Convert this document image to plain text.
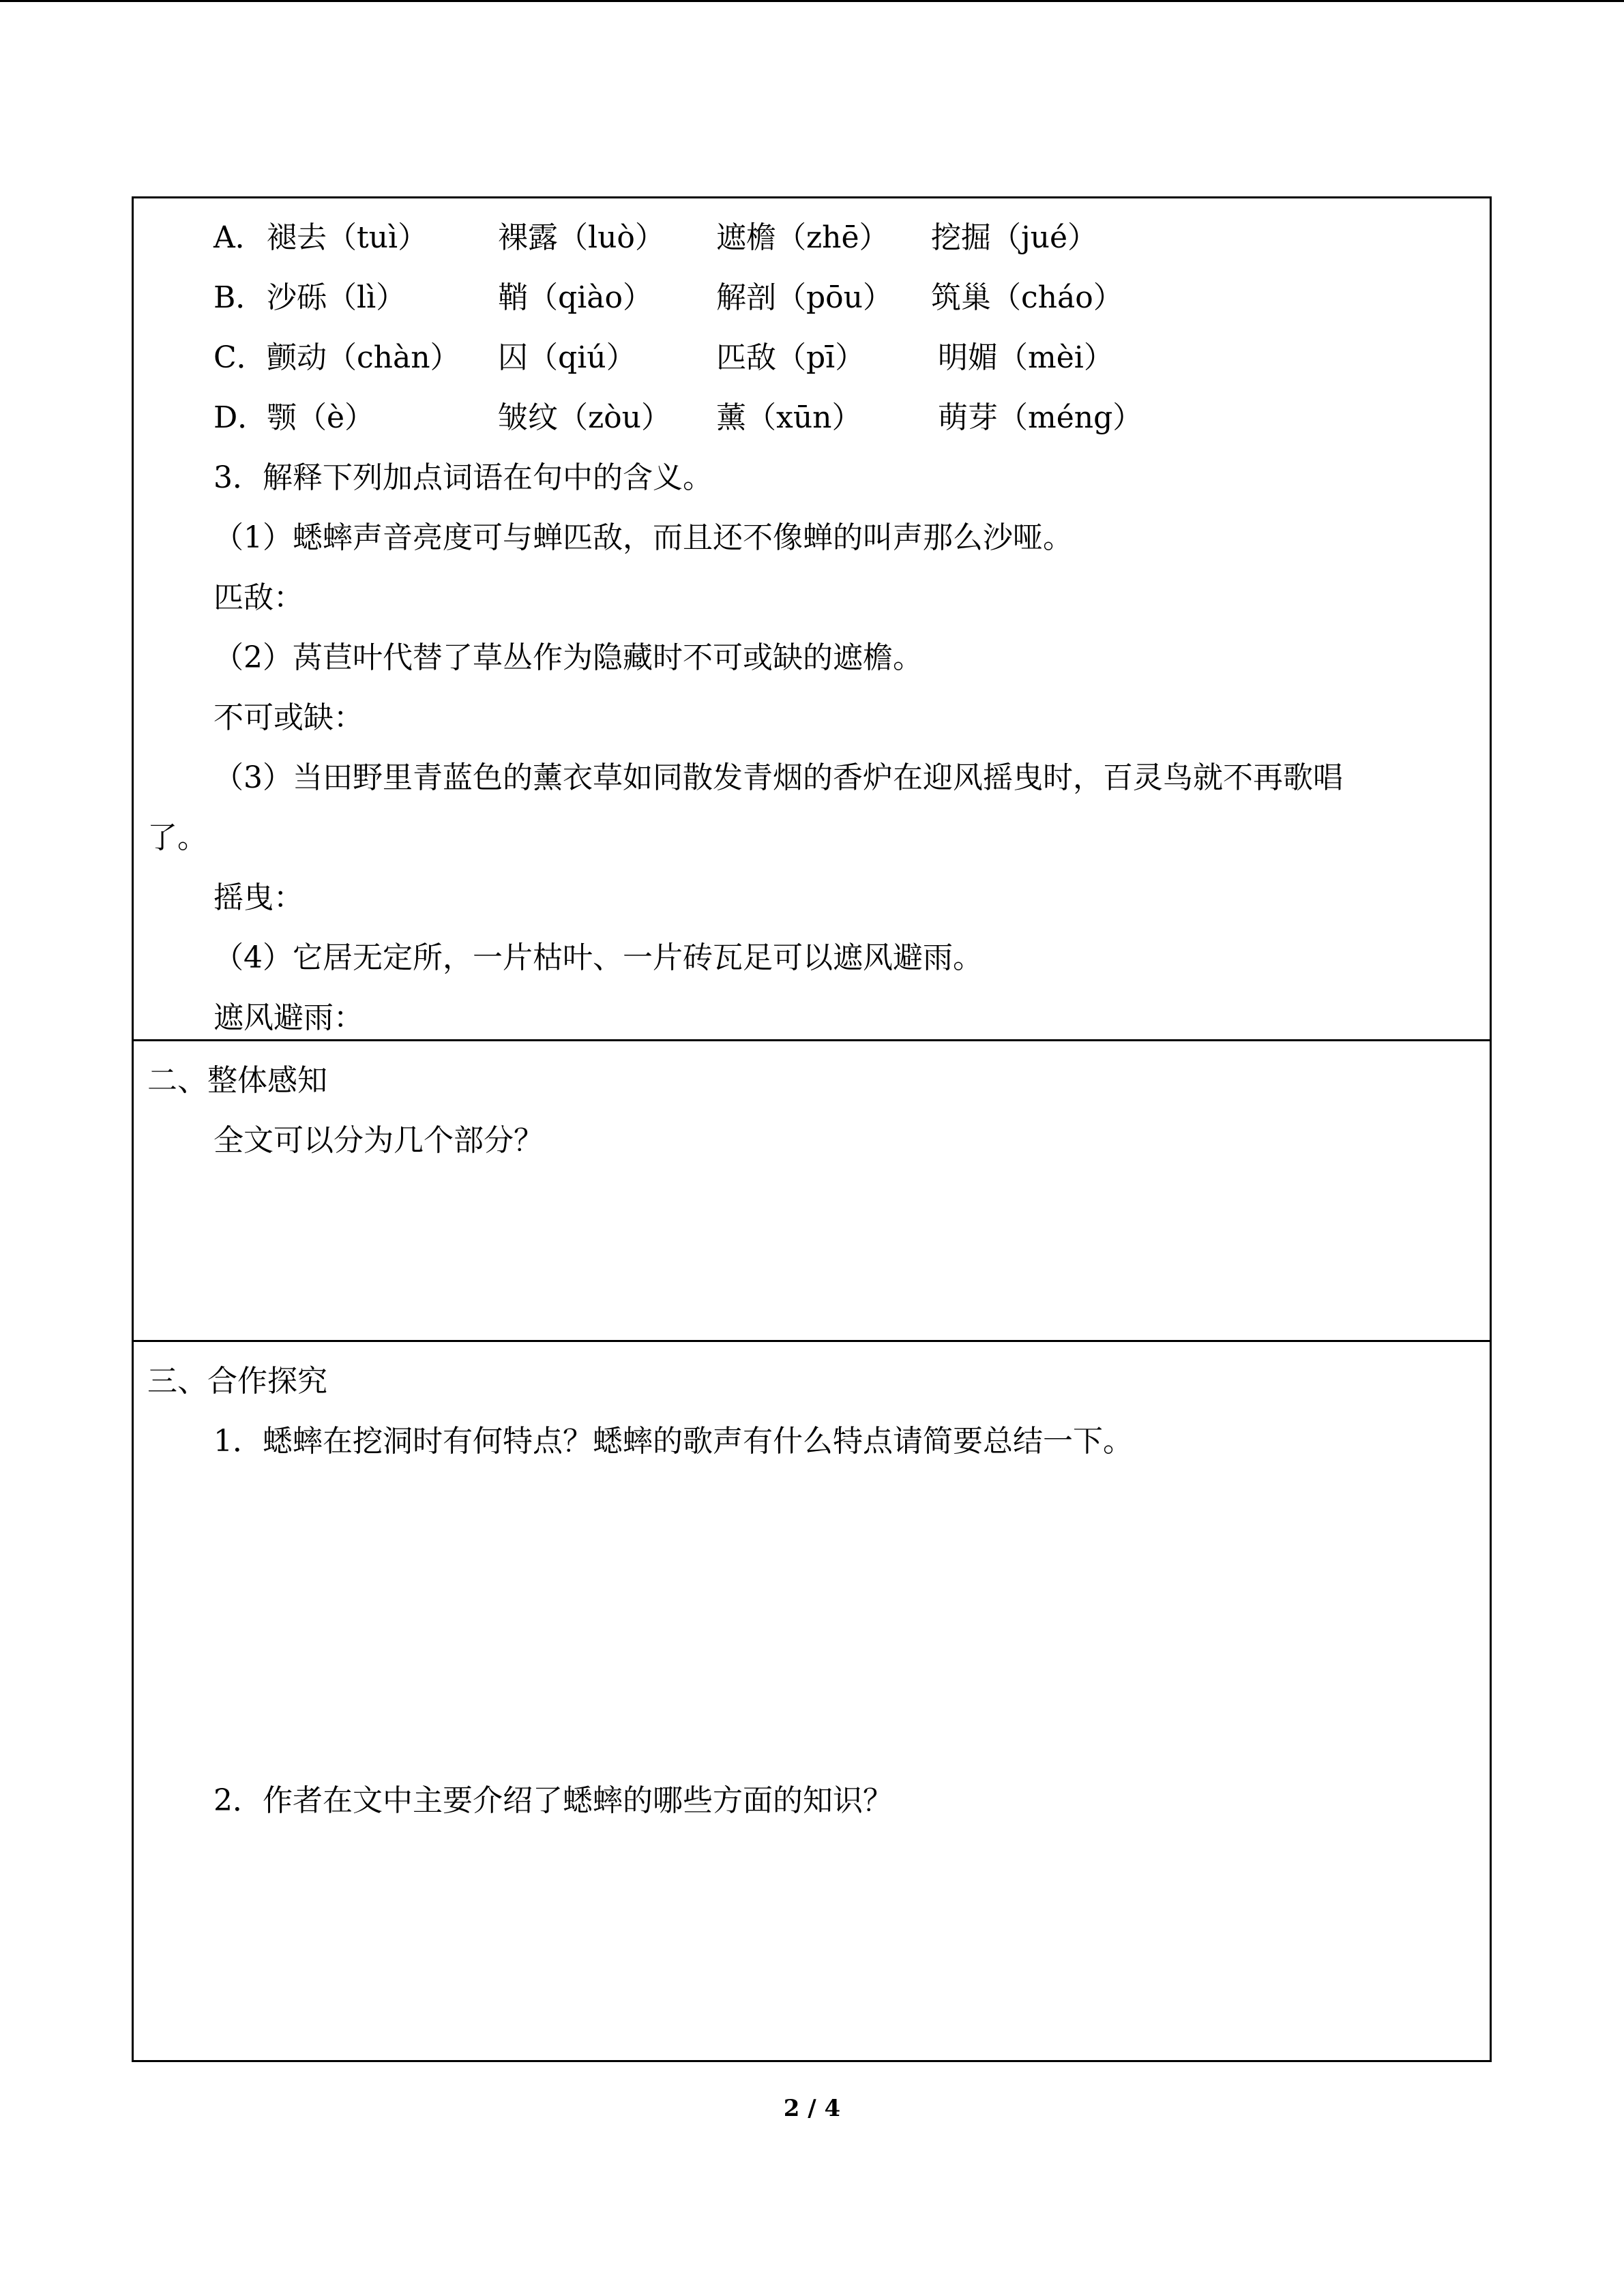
A． 褪去（tuì） 裸露（luò） 遮檐（zhē） 挖掘（jué）
B． 沙砾（lì）	鞘（qiào） 解剖（pōu） 筑巢（cháo）
C． 颤动（chàn） 囚（qiú）	匹敌（pī） 明媚（mèi）
D．
颚（è）	皱纹（zòu） 薰（xūn）	萌芽（méng）
3．解释下列加点词语在句中的含义。
（1）蟋蟀声音亮度可与蝉匹敌，而且还不像蝉的叫声那么沙哑。
匹敌：
（2）莴苣叶代替了草丛作为隐藏时不可或缺的遮檐。
不可或缺：
（3）当田野里青蓝色的薰衣草如同散发青烟的香炉在迎风摇曳时，百灵鸟就不再歌唱
了。
摇曳：
（4）它居无定所，一片枯叶、一片砖瓦足可以遮风避雨。
遮风避雨：
二、整体感知
全文可以分为几个部分？
三、合作探究
1．蟋蟀在挖洞时有何特点？蟋蟀的歌声有什么特点请简要总结一下。
2．作者在文中主要介绍了蟋蟀的哪些方面的知识？
2 / 4
